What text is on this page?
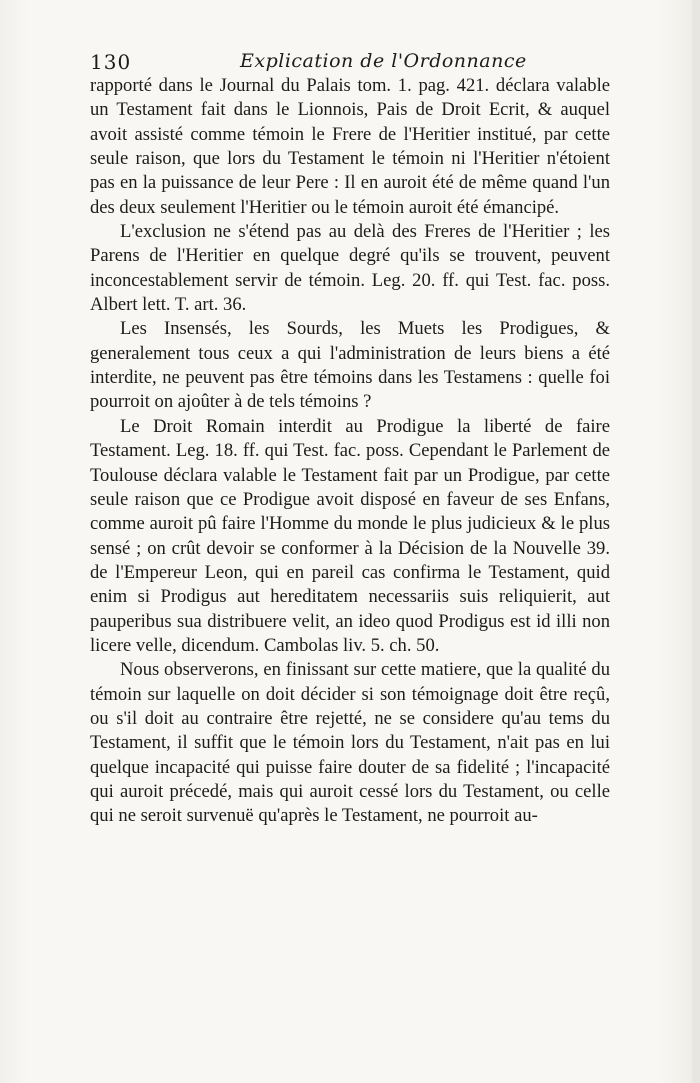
130	Explication de l'Ordonnance

rapporté dans le Journal du Palais tom. 1. pag. 421. déclara valable un Testament fait dans le Lionnois, Pais de Droit Ecrit, & auquel avoit assisté comme témoin le Frere de l'Heritier institué, par cette seule raison, que lors du Testament le témoin ni l'Heritier n'étoient pas en la puissance de leur Pere : Il en auroit été de même quand l'un des deux seulement l'Heritier ou le témoin auroit été émancipé.

L'exclusion ne s'étend pas au delà des Freres de l'Heritier ; les Parens de l'Heritier en quelque degré qu'ils se trouvent, peuvent inconcestablement servir de témoin. Leg. 20. ff. qui Test. fac. poss. Albert lett. T. art. 36.

Les Insensés, les Sourds, les Muets les Prodigues, & generalement tous ceux a qui l'administration de leurs biens a été interdite, ne peuvent pas être témoins dans les Testamens : quelle foi pourroit on ajoûter à de tels témoins ?

Le Droit Romain interdit au Prodigue la liberté de faire Testament. Leg. 18. ff. qui Test. fac. poss. Cependant le Parlement de Toulouse déclara valable le Testament fait par un Prodigue, par cette seule raison que ce Prodigue avoit disposé en faveur de ses Enfans, comme auroit pû faire l'Homme du monde le plus judicieux & le plus sensé ; on crût devoir se conformer à la Décision de la Nouvelle 39. de l'Empereur Leon, qui en pareil cas confirma le Testament, quid enim si Prodigus aut hereditatem necessariis suis reliquierit, aut pauperibus sua distribuere velit, an ideo quod Prodigus est id illi non licere velle, dicendum. Cambolas liv. 5. ch. 50.

Nous observerons, en finissant sur cette matiere, que la qualité du témoin sur laquelle on doit décider si son témoignage doit être reçû, ou s'il doit au contraire être rejetté, ne se considere qu'au tems du Testament, il suffit que le témoin lors du Testament, n'ait pas en lui quelque incapacité qui puisse faire douter de sa fidelité ; l'incapacité qui auroit précedé, mais qui auroit cessé lors du Testament, ou celle qui ne seroit survenuë qu'après le Testament, ne pourroit au-
